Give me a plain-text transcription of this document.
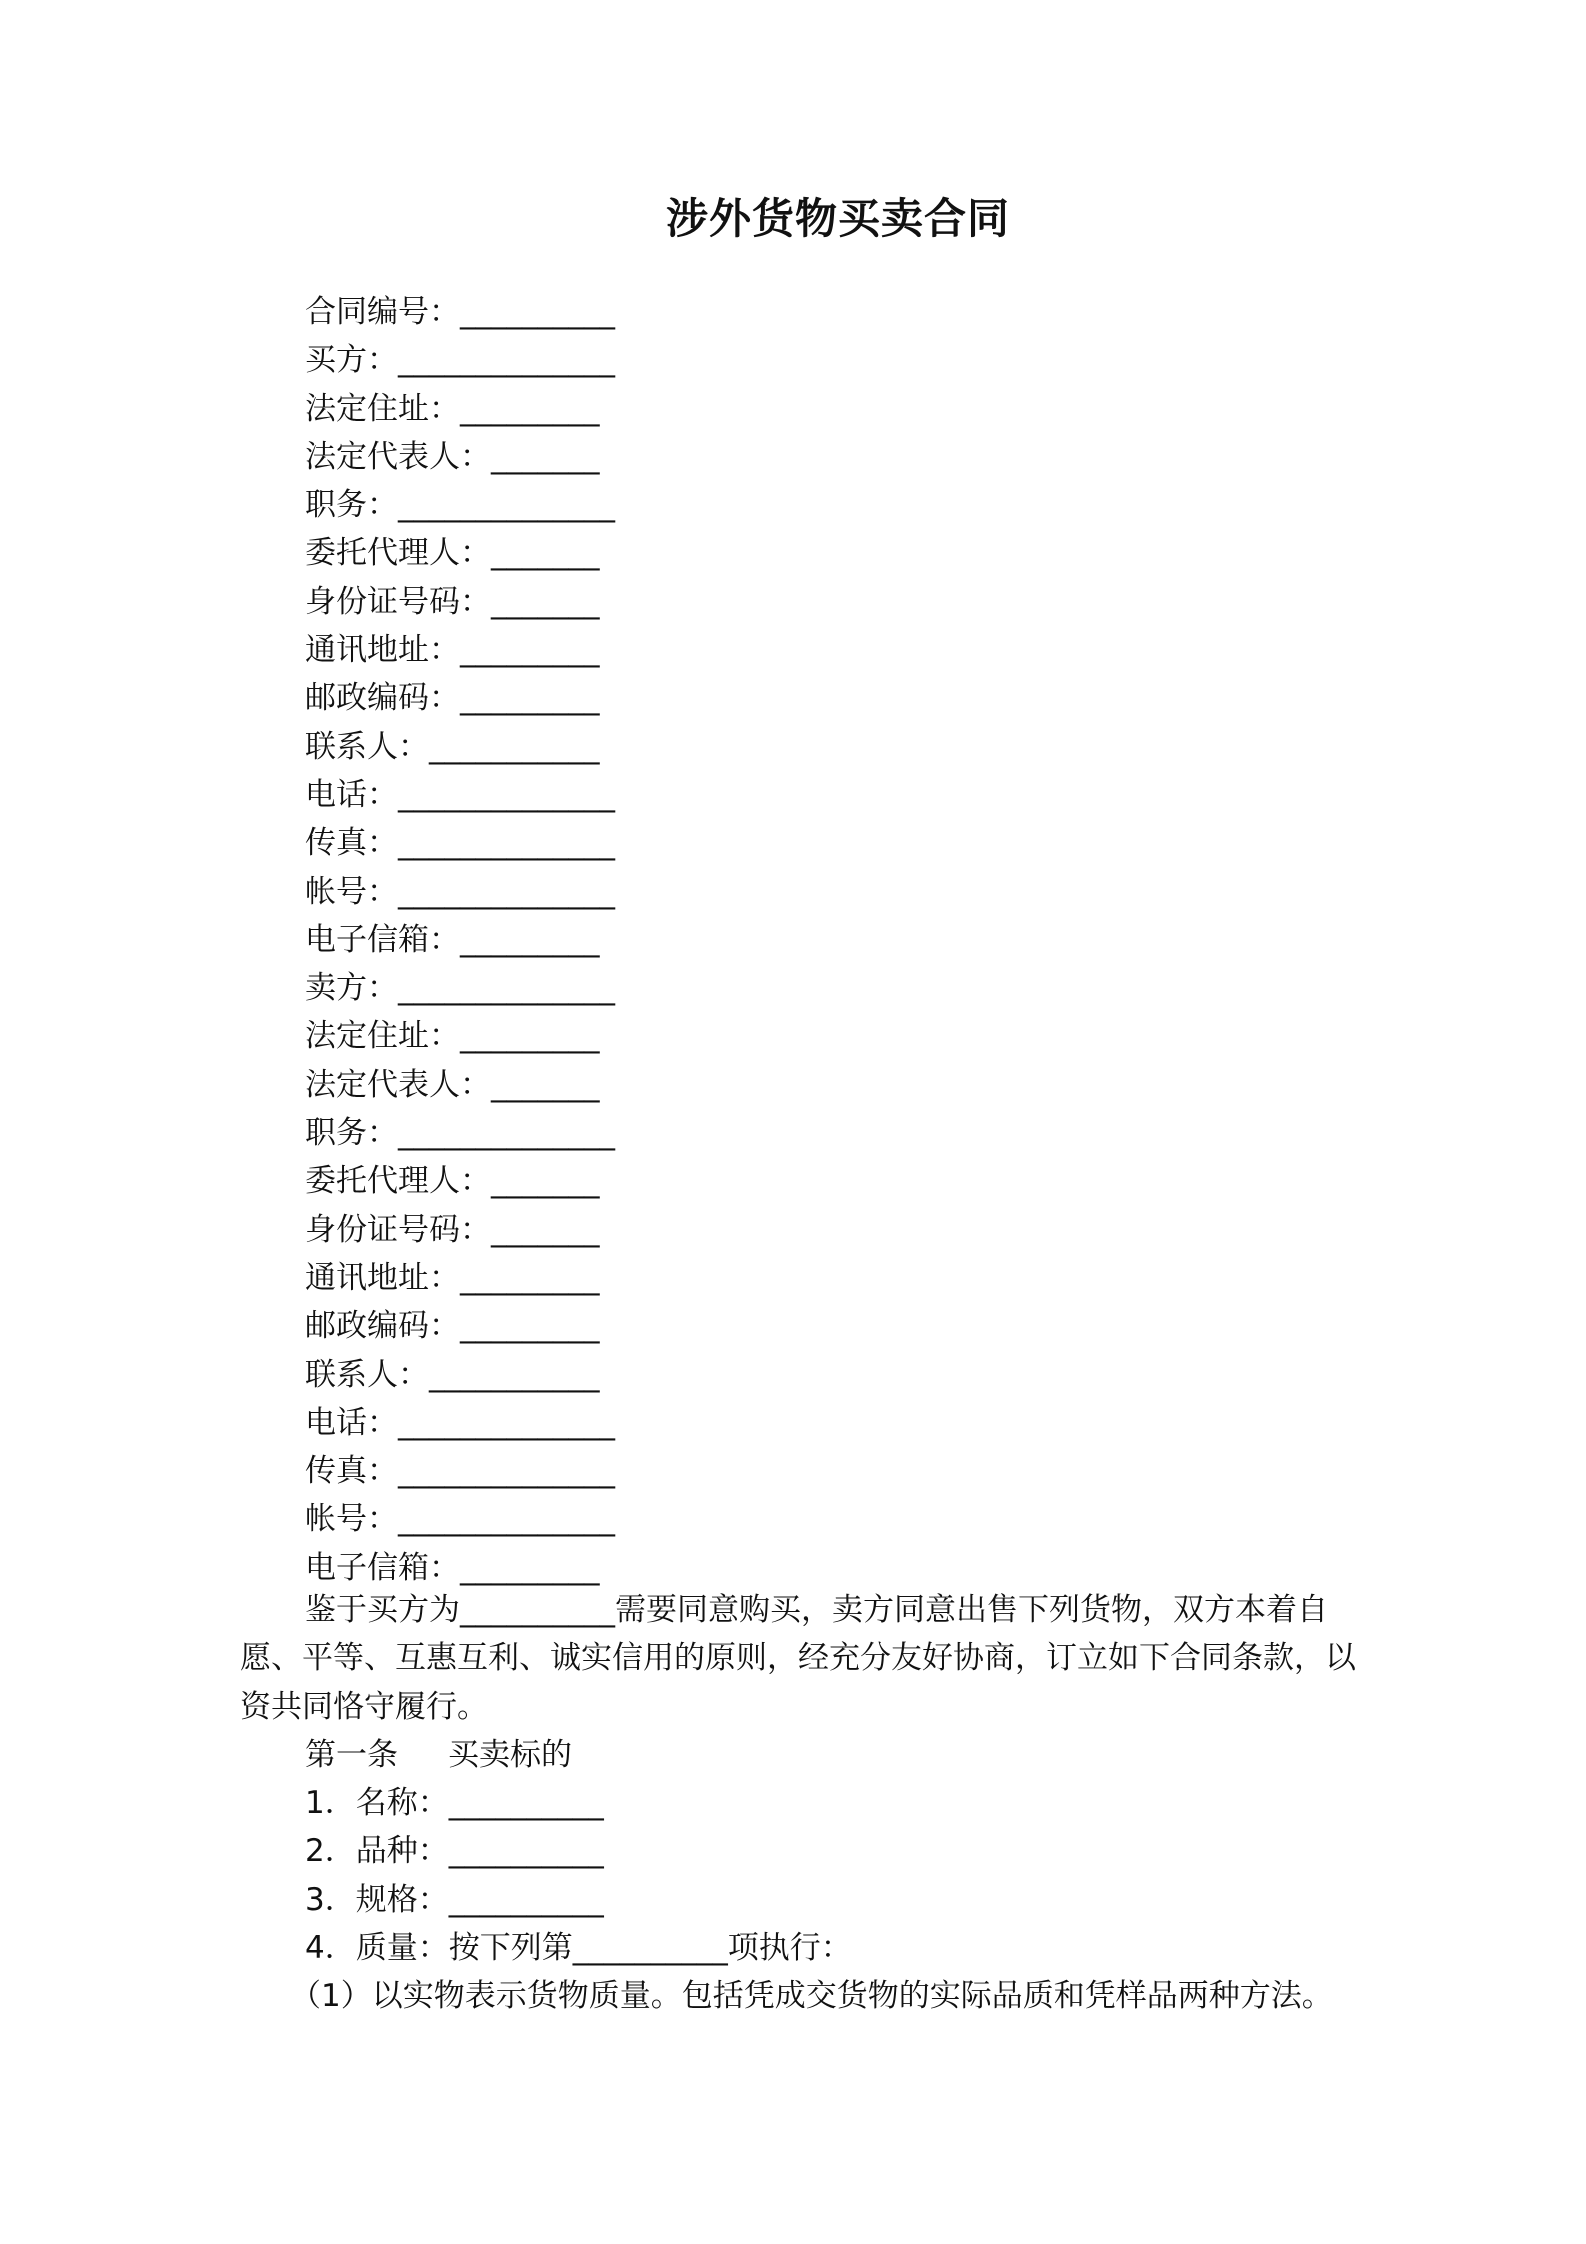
涉外货物买卖合同
合同编号：__________
买方：______________
法定住址：_________
法定代表人：_______
职务：______________
委托代理人：_______
身份证号码：_______
通讯地址：_________
邮政编码：_________
联系人：___________
电话：______________
传真：______________
帐号：______________
电子信箱：_________
卖方：______________
法定住址：_________
法定代表人：_______
职务：______________
委托代理人：_______
身份证号码：_______
通讯地址：_________
邮政编码：_________
联系人：___________
电话：______________
传真：______________
帐号：______________
电子信箱：_________

鉴于买方为__________需要同意购买，卖方同意出售下列货物，双方本着自愿、平等、互惠互利、诚实信用的原则，经充分友好协商，订立如下合同条款，以资共同恪守履行。

第一条 买卖标的

1．名称：__________

2．品种：__________

3．规格：__________

4．质量：按下列第__________项执行：

（1）以实物表示货物质量。包括凭成交货物的实际品质和凭样品两种方法。
